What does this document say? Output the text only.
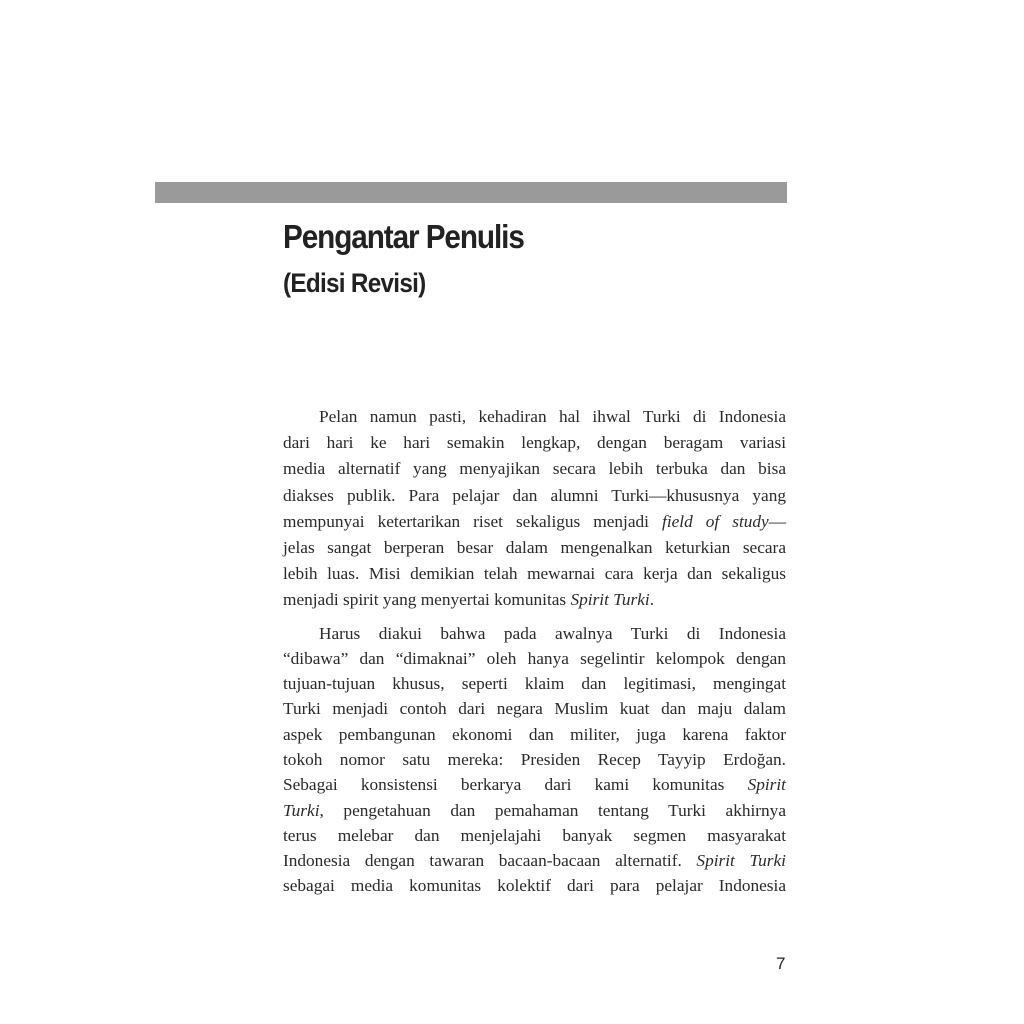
Pengantar Penulis
(Edisi Revisi)
Pelan namun pasti, kehadiran hal ihwal Turki di Indonesia
dari hari ke hari semakin lengkap, dengan beragam variasi
media alternatif yang menyajikan secara lebih terbuka dan bisa
diakses publik. Para pelajar dan alumni Turki—khususnya yang
mempunyai ketertarikan riset sekaligus menjadi field of study—
jelas sangat berperan besar dalam mengenalkan keturkian secara
lebih luas. Misi demikian telah mewarnai cara kerja dan sekaligus
menjadi spirit yang menyertai komunitas Spirit Turki.
Harus diakui bahwa pada awalnya Turki di Indonesia
“dibawa” dan “dimaknai” oleh hanya segelintir kelompok dengan
tujuan-tujuan khusus, seperti klaim dan legitimasi, mengingat
Turki menjadi contoh dari negara Muslim kuat dan maju dalam
aspek pembangunan ekonomi dan militer, juga karena faktor
tokoh nomor satu mereka: Presiden Recep Tayyip Erdoğan.
Sebagai konsistensi berkarya dari kami komunitas Spirit
Turki, pengetahuan dan pemahaman tentang Turki akhirnya
terus melebar dan menjelajahi banyak segmen masyarakat
Indonesia dengan tawaran bacaan-bacaan alternatif. Spirit Turki
sebagai media komunitas kolektif dari para pelajar Indonesia
7
